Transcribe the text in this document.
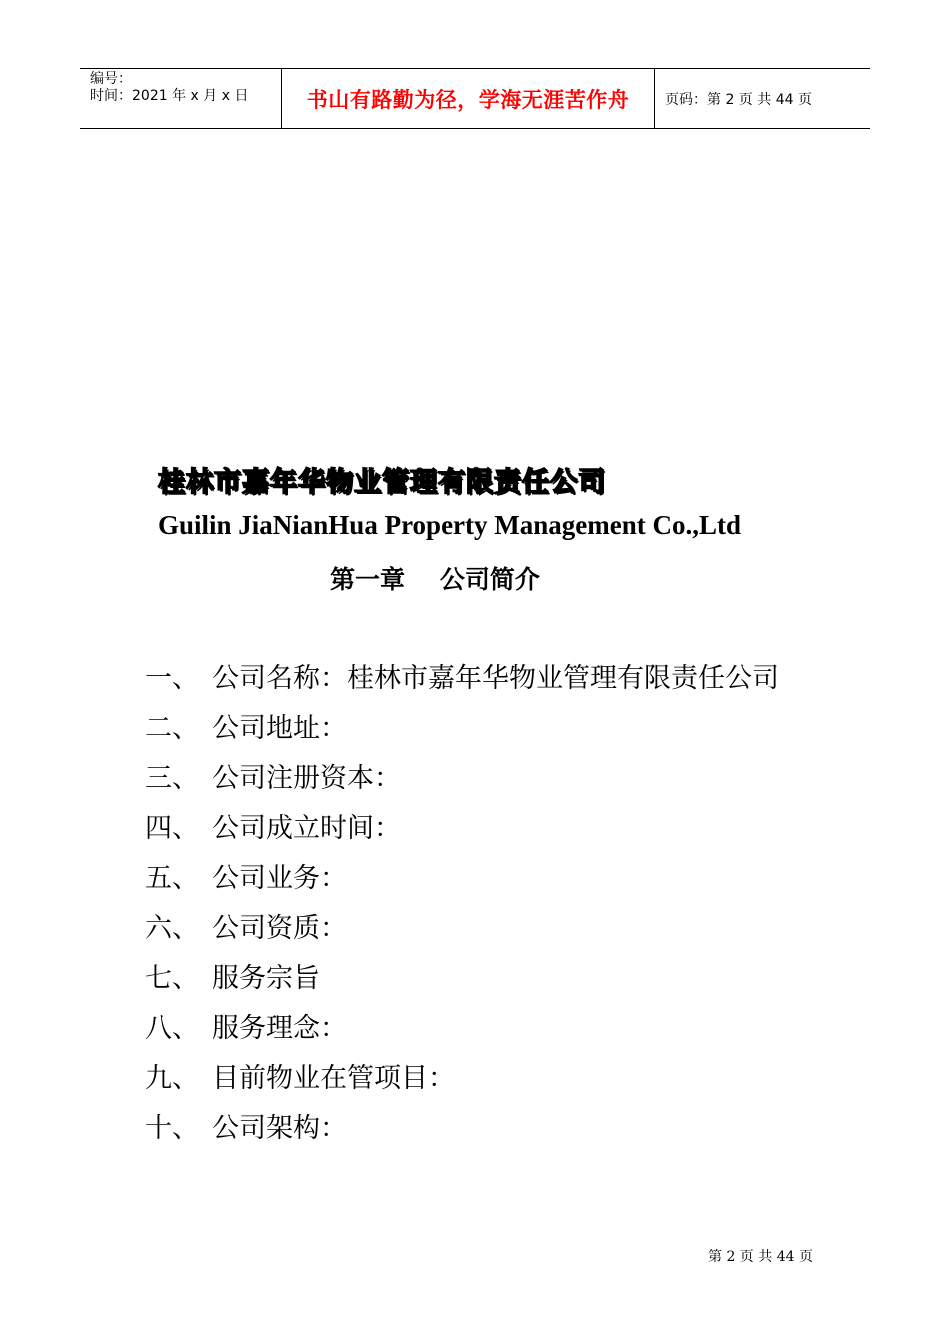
编号：
时间：2021 年 x 月 x 日	书山有路勤为径，学海无涯苦作舟	页码：第 2 页 共 44 页
桂林市嘉年华物业管理有限责任公司
Guilin JiaNianHua Property Management Co.,Ltd
第一章    公司简介
一、 公司名称：桂林市嘉年华物业管理有限责任公司
二、 公司地址：
三、 公司注册资本：
四、 公司成立时间：
五、 公司业务：
六、 公司资质：
七、 服务宗旨
八、 服务理念：
九、 目前物业在管项目：
十、 公司架构：
第 2 页 共 44 页
